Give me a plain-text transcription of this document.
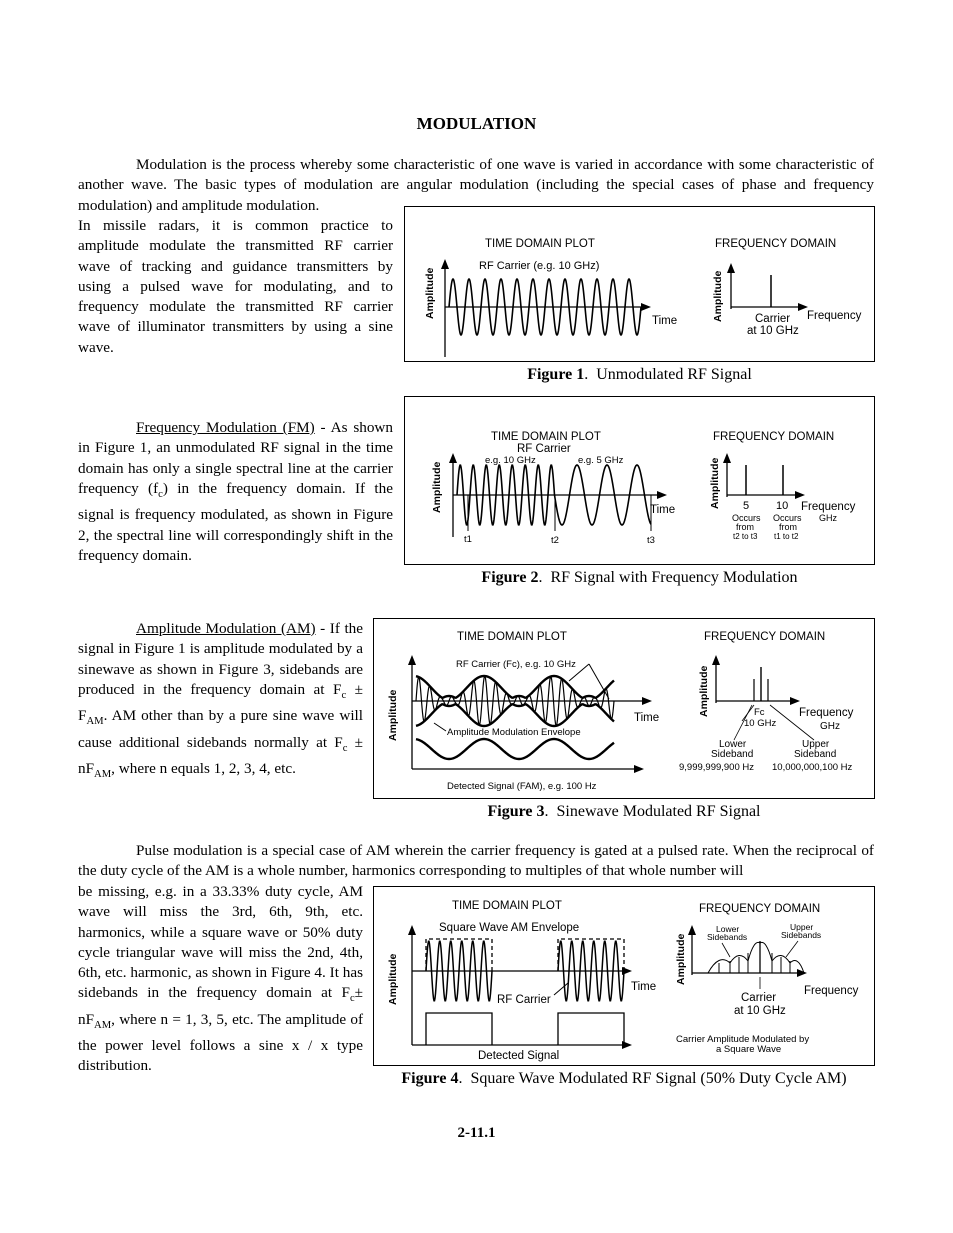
MODULATION

Modulation is the process whereby some characteristic of one wave is varied in accordance with some characteristic of another wave. The basic types of modulation are angular modulation (including the special cases of phase and frequency modulation) and amplitude modulation.

In missile radars, it is common practice to amplitude modulate the transmitted RF carrier wave of tracking and guidance transmitters by using a pulsed wave for modulating, and to frequency modulate the transmitted RF carrier wave of illuminator transmitters by using a sine wave.

TIME DOMAIN PLOT	FREQUENCY DOMAIN
RF Carrier (e.g. 10 GHz)
Amplitude
Time	Amplitude	Carrier
at 10 GHz
Frequency
Figure 1.  Unmodulated RF Signal

Frequency Modulation (FM) - As shown in Figure 1, an unmodulated RF signal in the time domain has only a single spectral line at the carrier frequency $(f_c)$ in the frequency domain. If the signal is frequency modulated, as shown in Figure 2, the spectral line will correspondingly shift in the frequency domain.

TIME DOMAIN PLOT
RF Carrier
e.g. 10 GHz	e.g. 5 GHz
FREQUENCY DOMAIN
Amplitude
t1	t2	t3
Time
Amplitude 5 10 Frequency
GHz
Occurs
from
t2 to t3
Occurs
from
t1 to t2
Figure 2.  RF Signal with Frequency Modulation

Amplitude Modulation (AM) - If the signal in Figure 1 is amplitude modulated by a sinewave as shown in Figure 3, sidebands are produced in the frequency domain at $F_c \pm F_{AM}$. AM other than by a pure sine wave will cause additional sidebands normally at $F_c \pm nF_{AM}$, where n equals 1, 2, 3, 4, etc.

TIME DOMAIN PLOT	FREQUENCY DOMAIN
RF Carrier (Fc), e.g. 10 GHz
Amplitude	Amplitude Modulation Envelope
Time
Detected Signal (FAM), e.g. 100 Hz
Amplitude	Fc
10 GHz
Frequency
GHz
Lower
Sideband
Upper
Sideband
9,999,999,900 Hz 10,000,000,100 Hz
Figure 3.  Sinewave Modulated RF Signal

Pulse modulation is a special case of AM wherein the carrier frequency is gated at a pulsed rate. When the reciprocal of the duty cycle of the AM is a whole number, harmonics corresponding to multiples of that whole number will

be missing, e.g. in a 33.33% duty cycle, AM wave will miss the 3rd, 6th, 9th, etc. harmonics, while a square wave or 50% duty cycle triangular wave will miss the 2nd, 4th, 6th, etc. harmonic, as shown in Figure 4. It has sidebands in the frequency domain at $F_c\pm nF_{AM}$, where n = 1, 3, 5, etc. The amplitude of the power level follows a sine x / x type distribution.

TIME DOMAIN PLOT	FREQUENCY DOMAIN
Square Wave AM Envelope
Amplitude	RF Carrier
Time
Detected Signal
Amplitude
Lower
Sidebands
Upper
Sidebands
Carrier
at 10 GHz
Frequency
Carrier Amplitude Modulated by
a Square Wave
Figure 4.  Square Wave Modulated RF Signal (50% Duty Cycle AM)
2-11.1
